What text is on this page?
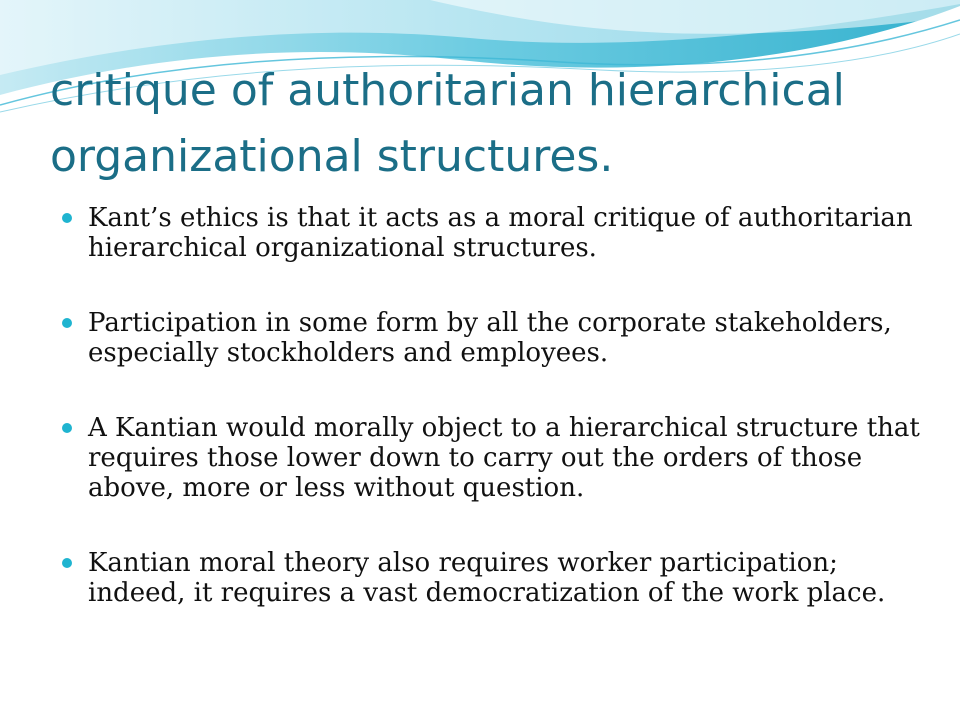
critique of authoritarian hierarchical organizational structures.
Kant’s ethics is that it acts as a moral critique of authoritarian hierarchical organizational structures.
Participation in some form by all the corporate stakeholders, especially stockholders and employees.
A Kantian would morally object to a hierarchical structure that requires those lower down to carry out the orders of those above, more or less without question.
Kantian moral theory also requires worker participation; indeed, it requires a vast democratization of the work place.
